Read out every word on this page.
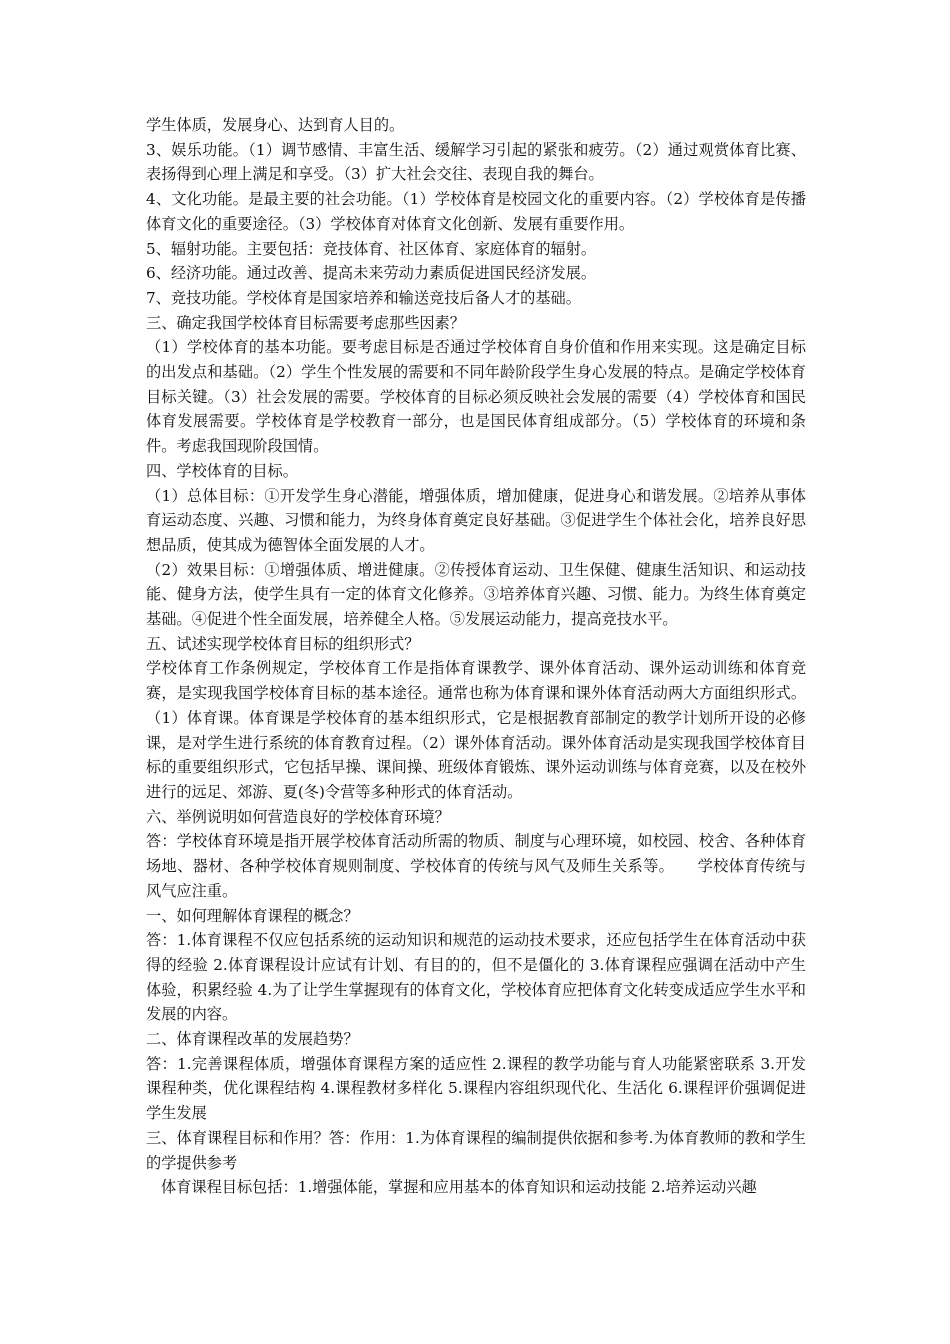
学生体质，发展身心、达到育人目的。

3、娱乐功能。（1）调节感情、丰富生活、缓解学习引起的紧张和疲劳。（2）通过观赏体育比赛、表扬得到心理上满足和享受。（3）扩大社会交往、表现自我的舞台。

4、文化功能。是最主要的社会功能。（1）学校体育是校园文化的重要内容。（2）学校体育是传播体育文化的重要途径。（3）学校体育对体育文化创新、发展有重要作用。

5、辐射功能。主要包括：竞技体育、社区体育、家庭体育的辐射。

6、经济功能。通过改善、提高未来劳动力素质促进国民经济发展。

7、竞技功能。学校体育是国家培养和输送竞技后备人才的基础。

三、确定我国学校体育目标需要考虑那些因素？

（1）学校体育的基本功能。要考虑目标是否通过学校体育自身价值和作用来实现。这是确定目标的出发点和基础。（2）学生个性发展的需要和不同年龄阶段学生身心发展的特点。是确定学校体育目标关键。（3）社会发展的需要。学校体育的目标必须反映社会发展的需要（4）学校体育和国民体育发展需要。学校体育是学校教育一部分，也是国民体育组成部分。（5）学校体育的环境和条件。考虑我国现阶段国情。

四、学校体育的目标。

（1）总体目标：①开发学生身心潜能，增强体质，增加健康，促进身心和谐发展。②培养从事体育运动态度、兴趣、习惯和能力，为终身体育奠定良好基础。③促进学生个体社会化，培养良好思想品质，使其成为德智体全面发展的人才。

（2）效果目标：①增强体质、增进健康。②传授体育运动、卫生保健、健康生活知识、和运动技能、健身方法，使学生具有一定的体育文化修养。③培养体育兴趣、习惯、能力。为终生体育奠定基础。④促进个性全面发展，培养健全人格。⑤发展运动能力，提高竞技水平。

五、试述实现学校体育目标的组织形式？

学校体育工作条例规定，学校体育工作是指体育课教学、课外体育活动、课外运动训练和体育竞赛，是实现我国学校体育目标的基本途径。通常也称为体育课和课外体育活动两大方面组织形式。（1）体育课。体育课是学校体育的基本组织形式，它是根据教育部制定的教学计划所开设的必修课，是对学生进行系统的体育教育过程。（2）课外体育活动。课外体育活动是实现我国学校体育目标的重要组织形式，它包括早操、课间操、班级体育锻炼、课外运动训练与体育竞赛，以及在校外进行的远足、郊游、夏(冬)令营等多种形式的体育活动。

六、举例说明如何营造良好的学校体育环境？

答：学校体育环境是指开展学校体育活动所需的物质、制度与心理环境，如校园、校舍、各种体育场地、器材、各种学校体育规则制度、学校体育的传统与风气及师生关系等。　　学校体育传统与风气应注重。

一、如何理解体育课程的概念？

答：1.体育课程不仅应包括系统的运动知识和规范的运动技术要求，还应包括学生在体育活动中获得的经验 2.体育课程设计应试有计划、有目的的，但不是僵化的 3.体育课程应强调在活动中产生体验，积累经验 4.为了让学生掌握现有的体育文化，学校体育应把体育文化转变成适应学生水平和发展的内容。

二、体育课程改革的发展趋势？

答：1.完善课程体质，增强体育课程方案的适应性 2.课程的教学功能与育人功能紧密联系 3.开发课程种类，优化课程结构 4.课程教材多样化 5.课程内容组织现代化、生活化 6.课程评价强调促进学生发展

三、体育课程目标和作用？答：作用：1.为体育课程的编制提供依据和参考.为体育教师的教和学生的学提供参考

体育课程目标包括：1.增强体能，掌握和应用基本的体育知识和运动技能 2.培养运动兴趣
